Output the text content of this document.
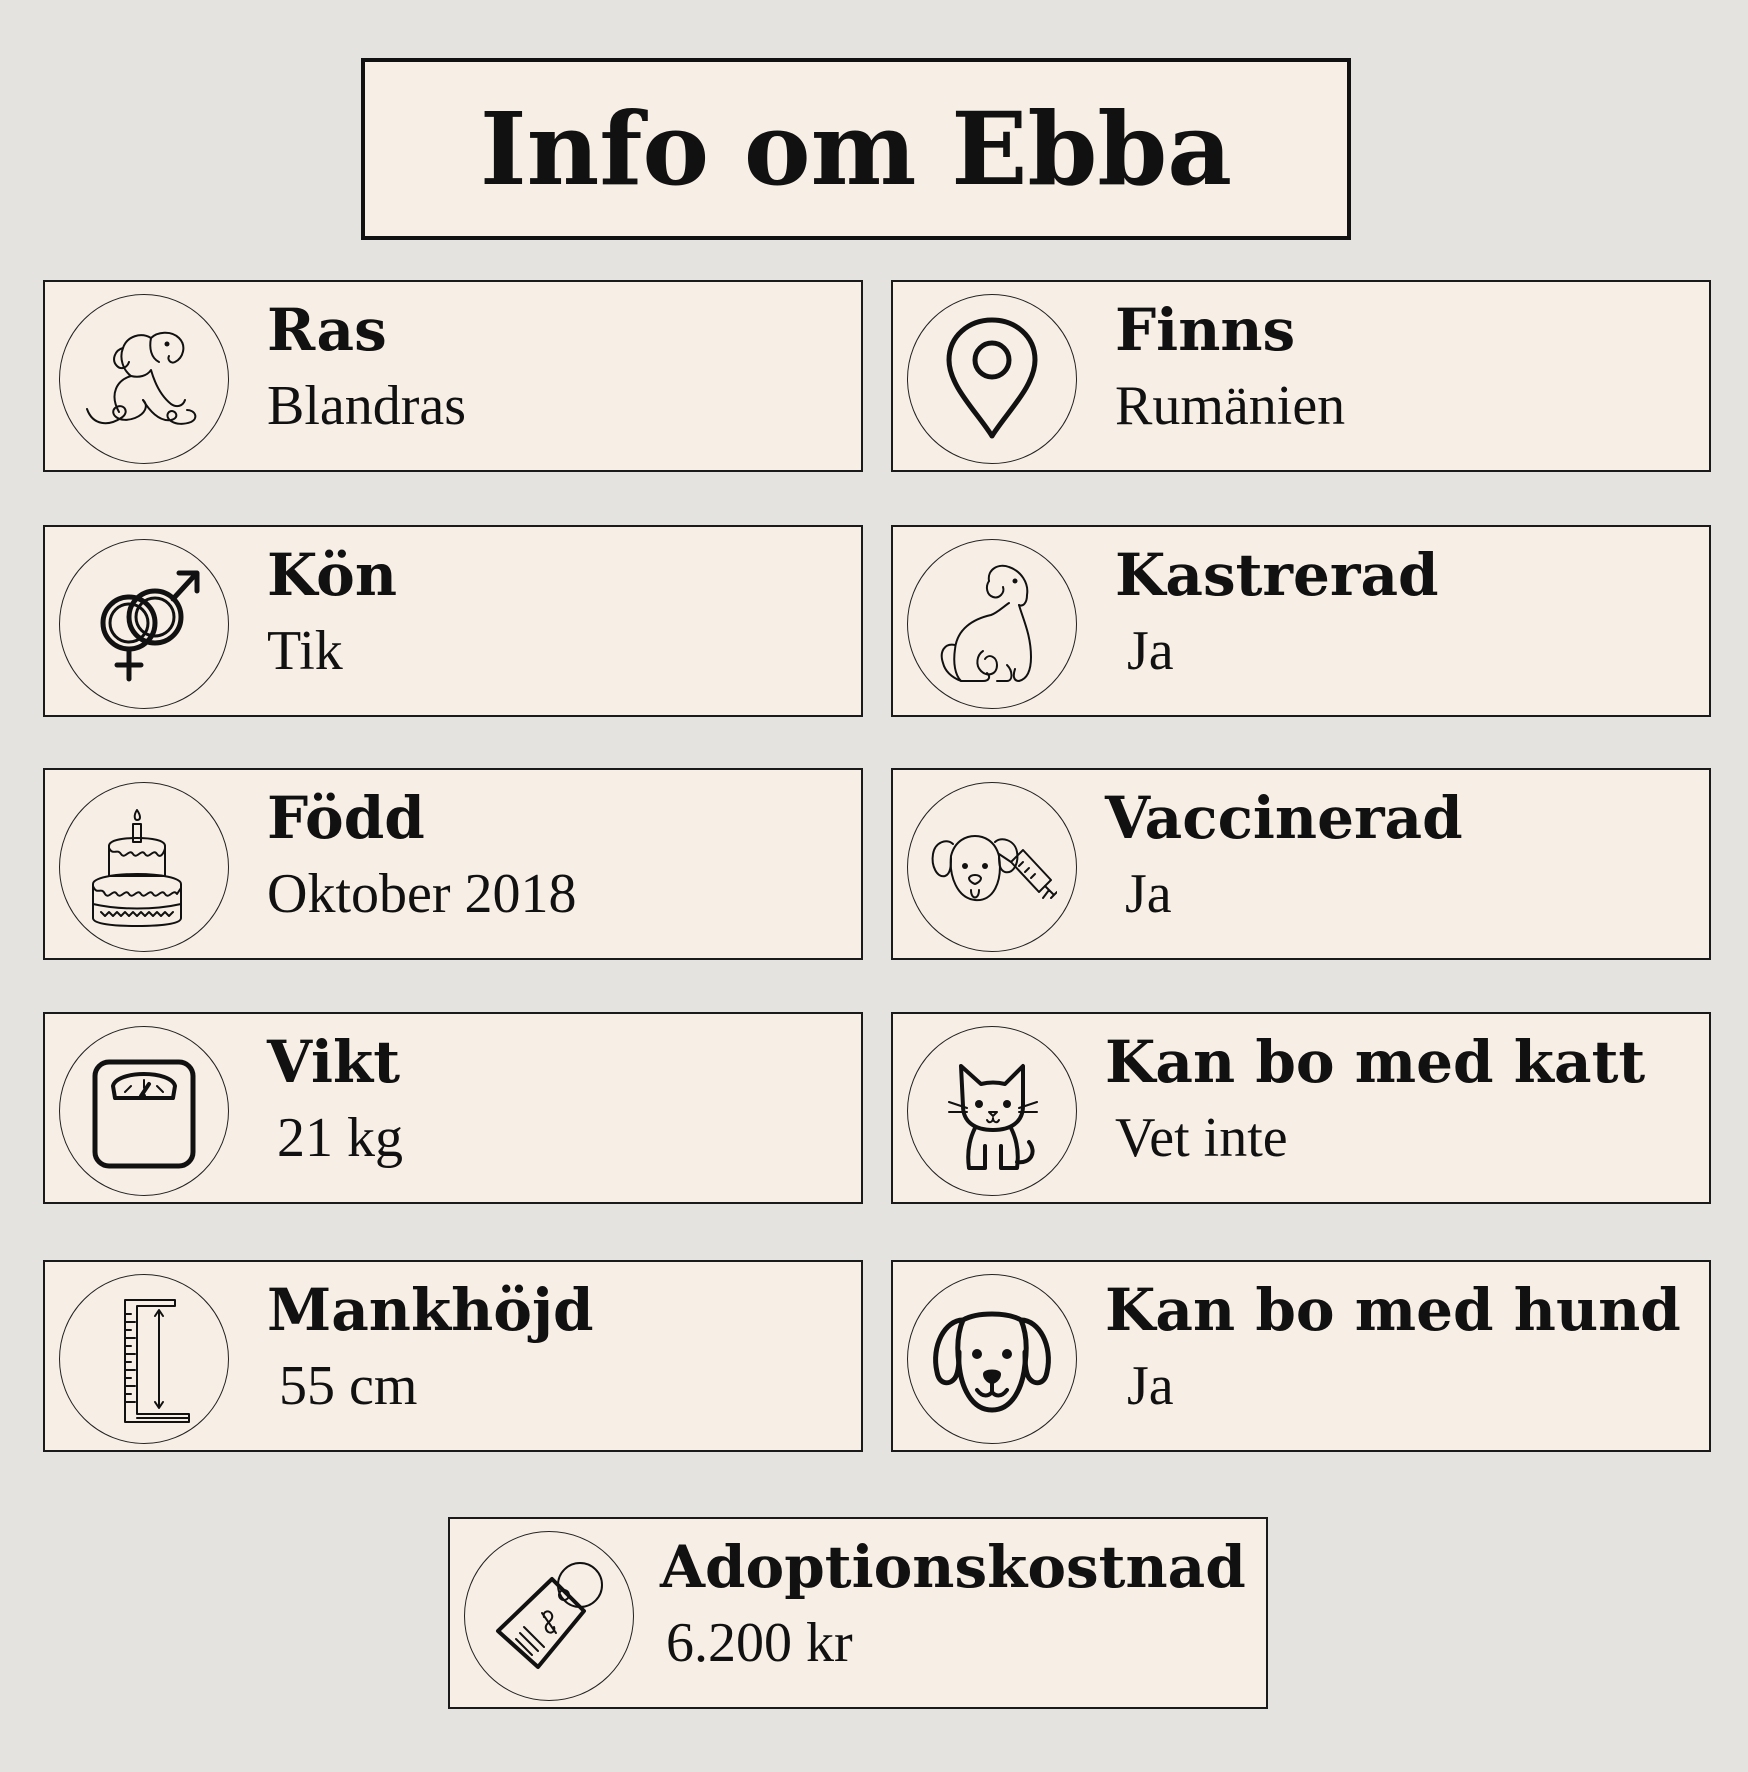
Info om Ebba
Ras
Blandras
Finns
Rumänien
Kön
Tik
Kastrerad
Ja
Född
Oktober 2018
Vaccinerad
Ja
Vikt
21 kg
Kan bo med katt
Vet inte
Mankhöjd
55 cm
Kan bo med hund
Ja
Adoptionskostnad
6.200 kr
